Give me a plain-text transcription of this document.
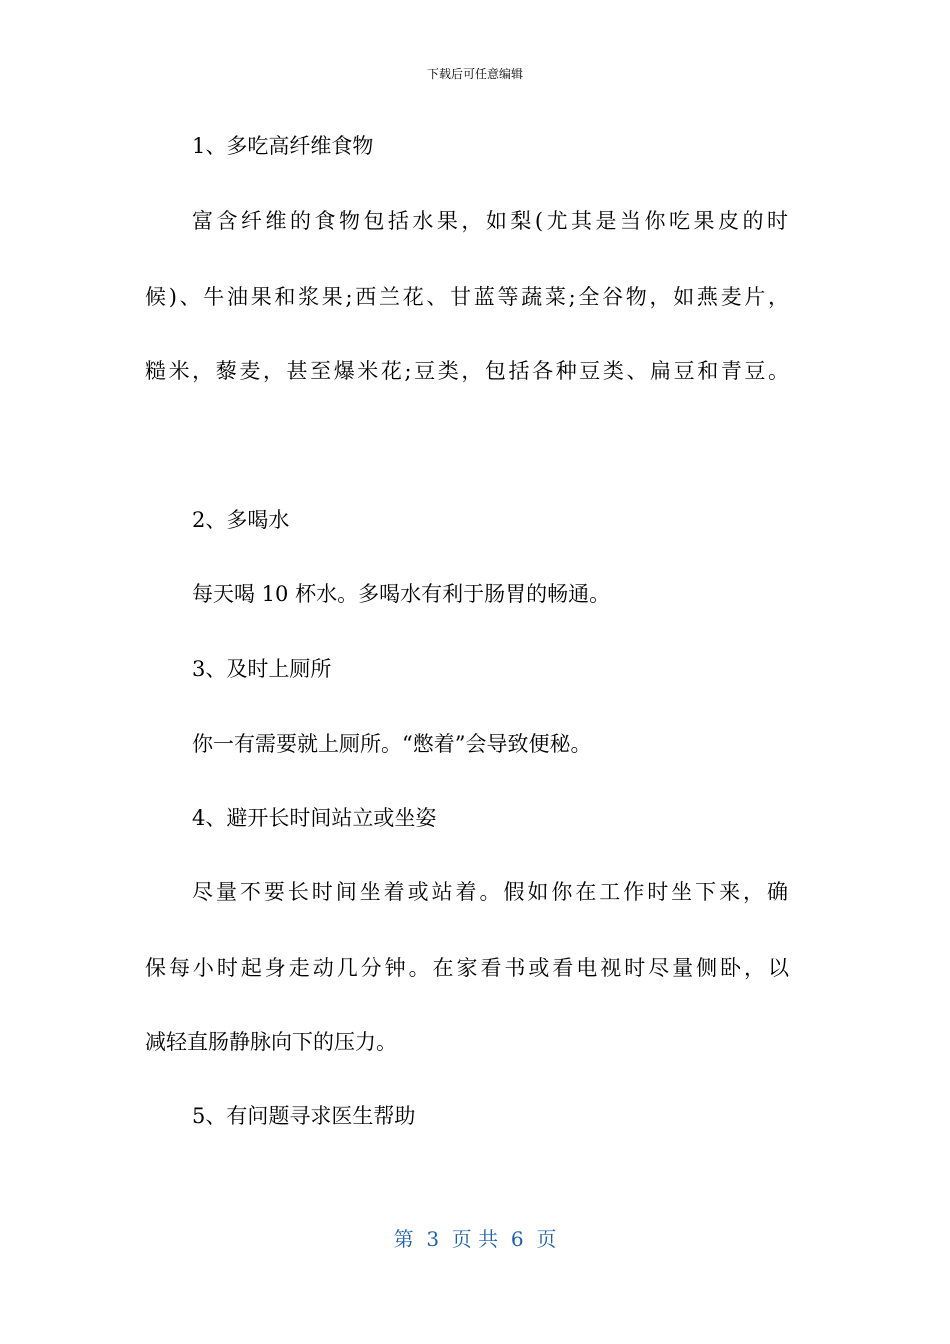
下载后可任意编辑

1、多吃高纤维食物

富含纤维的食物包括水果，如梨(尤其是当你吃果皮的时

候)、牛油果和浆果;西兰花、甘蓝等蔬菜;全谷物，如燕麦片，

糙米，藜麦，甚至爆米花;豆类，包括各种豆类、扁豆和青豆。

2、多喝水

每天喝 10 杯水。多喝水有利于肠胃的畅通。

3、及时上厕所

你一有需要就上厕所。“憋着”会导致便秘。

4、避开长时间站立或坐姿

尽量不要长时间坐着或站着。假如你在工作时坐下来，确

保每小时起身走动几分钟。在家看书或看电视时尽量侧卧，以

减轻直肠静脉向下的压力。

5、有问题寻求医生帮助

第  3  页 共  6  页
